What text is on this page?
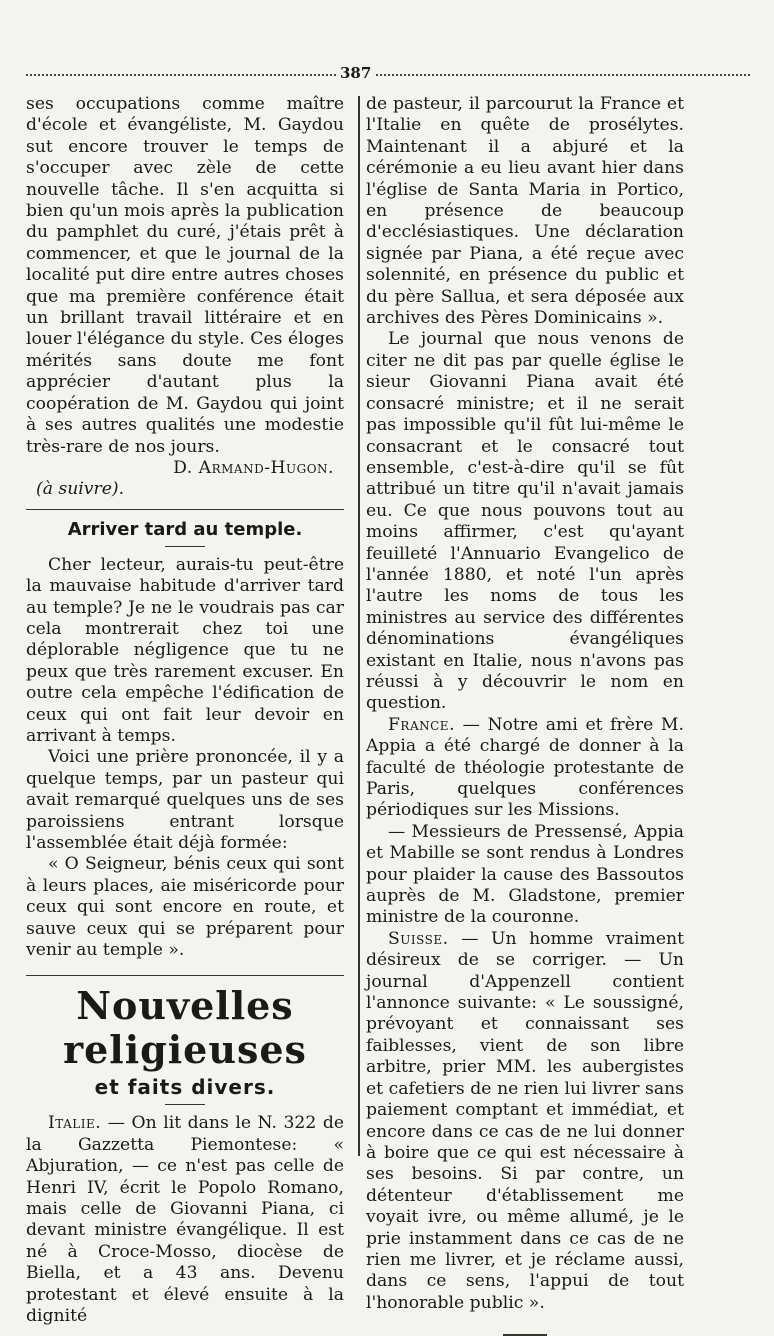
387

ses occupations comme maître d'école et évangéliste, M. Gaydou sut encore trouver le temps de s'occuper avec zèle de cette nouvelle tâche. Il s'en acquitta si bien qu'un mois après la publication du pamphlet du curé, j'étais prêt à commencer, et que le journal de la localité put dire entre autres choses que ma première conférence était un brillant travail littéraire et en louer l'élégance du style. Ces éloges mérités sans doute me font apprécier d'autant plus la coopération de M. Gaydou qui joint à ses autres qualités une modestie très-rare de nos jours.

D. Armand-Hugon.

(à suivre).

Arriver tard au temple.

Cher lecteur, aurais-tu peut-être la mauvaise habitude d'arriver tard au temple? Je ne le voudrais pas car cela montrerait chez toi une déplorable négligence que tu ne peux que très rarement excuser. En outre cela empêche l'édification de ceux qui ont fait leur devoir en arrivant à temps.

Voici une prière prononcée, il y a quelque temps, par un pasteur qui avait remarqué quelques uns de ses paroissiens entrant lorsque l'assemblée était déjà formée:

« O Seigneur, bénis ceux qui sont à leurs places, aie miséricorde pour ceux qui sont encore en route, et sauve ceux qui se préparent pour venir au temple ».

Nouvelles religieuses
et faits divers.

Italie. — On lit dans le N. 322 de la Gazzetta Piemontese: « Abjuration, — ce n'est pas celle de Henri IV, écrit le Popolo Romano, mais celle de Giovanni Piana, ci devant ministre évangélique. Il est né à Croce-Mosso, diocèse de Biella, et a 43 ans. Devenu protestant et élevé ensuite à la dignité

de pasteur, il parcourut la France et l'Italie en quête de prosélytes. Maintenant il a abjuré et la cérémonie a eu lieu avant hier dans l'église de Santa Maria in Portico, en présence de beaucoup d'ecclésiastiques. Une déclaration signée par Piana, a été reçue avec solennité, en présence du public et du père Sallua, et sera déposée aux archives des Pères Dominicains ».

Le journal que nous venons de citer ne dit pas par quelle église le sieur Giovanni Piana avait été consacré ministre; et il ne serait pas impossible qu'il fût lui-même le consacrant et le consacré tout ensemble, c'est-à-dire qu'il se fût attribué un titre qu'il n'avait jamais eu. Ce que nous pouvons tout au moins affirmer, c'est qu'ayant feuilleté l'Annuario Evangelico de l'année 1880, et noté l'un après l'autre les noms de tous les ministres au service des différentes dénominations évangéliques existant en Italie, nous n'avons pas réussi à y découvrir le nom en question.

France. — Notre ami et frère M. Appia a été chargé de donner à la faculté de théologie protestante de Paris, quelques conférences périodiques sur les Missions.

— Messieurs de Pressensé, Appia et Mabille se sont rendus à Londres pour plaider la cause des Bassoutos auprès de M. Gladstone, premier ministre de la couronne.

Suisse. — Un homme vraiment désireux de se corriger. — Un journal d'Appenzell contient l'annonce suivante: « Le soussigné, prévoyant et connaissant ses faiblesses, vient de son libre arbitre, prier MM. les aubergistes et cafetiers de ne rien lui livrer sans paiement comptant et immédiat, et encore dans ce cas de ne lui donner à boire que ce qui est nécessaire à ses besoins. Si par contre, un détenteur d'établissement me voyait ivre, ou même allumé, je le prie instamment dans ce cas de ne rien me livrer, et je réclame aussi, dans ce sens, l'appui de tout l'honorable public ».
